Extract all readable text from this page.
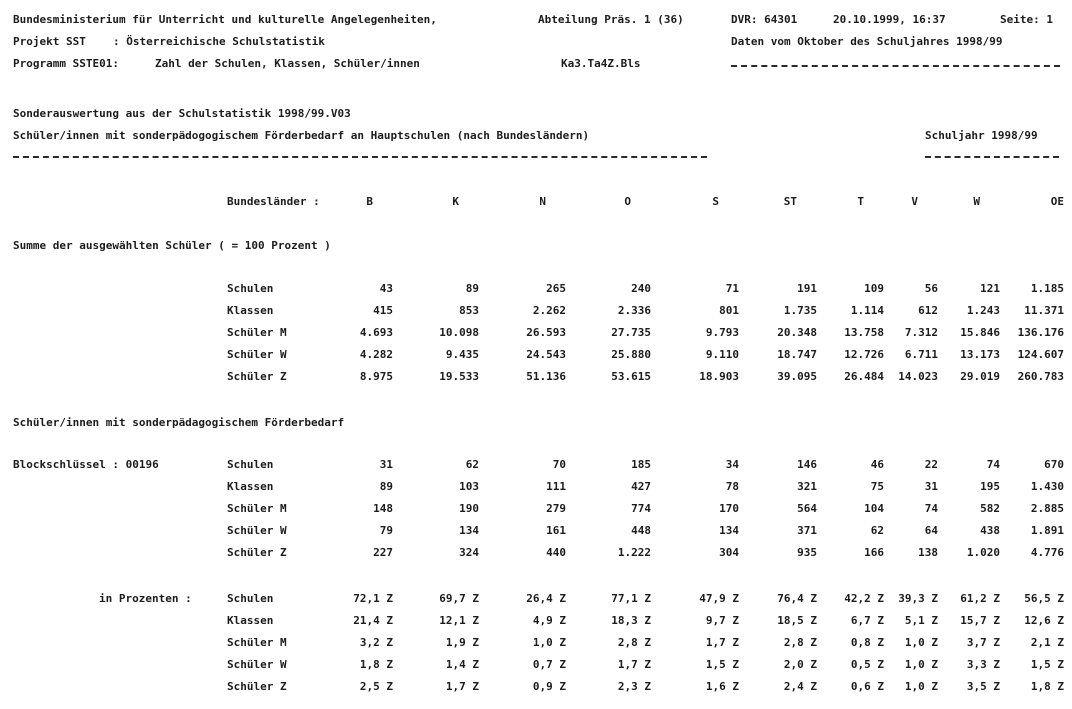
Bundesministerium für Unterricht und kulturelle Angelegenheiten,	Abteilung Präs. 1 (36)	DVR: 64301	20.10.1999, 16:37	Seite: 1
Projekt SST : Österreichische Schulstatistik	Daten vom Oktober des Schuljahres 1998/99
Programm SSTE01:	Zahl der Schulen, Klassen, Schüler/innen	Ka3.Ta4Z.Bls
Sonderauswertung aus der Schulstatistik 1998/99.V03
Schüler/innen mit sonderpädogogischem Förderbedarf an Hauptschulen (nach Bundesländern)	Schuljahr 1998/99
Bundesländer :	B	K	N	O	S	ST	T	V	W	OE
Summe der ausgewählten Schüler ( = 100 Prozent )
Schulen	43	89	265	240	71	191	109	56	121	1.185
Klassen	415	853	2.262	2.336	801	1.735	1.114	612	1.243	11.371
Schüler M	4.693	10.098	26.593	27.735	9.793	20.348	13.758	7.312	15.846	136.176
Schüler W	4.282	9.435	24.543	25.880	9.110	18.747	12.726	6.711	13.173	124.607
Schüler Z	8.975	19.533	51.136	53.615	18.903	39.095	26.484	14.023	29.019	260.783
Schüler/innen mit sonderpädagogischem Förderbedarf
Blockschlüssel : 00196	Schulen	31	62	70	185	34	146	46	22	74	670
Klassen	89	103	111	427	78	321	75	31	195	1.430
Schüler M	148	190	279	774	170	564	104	74	582	2.885
Schüler W	79	134	161	448	134	371	62	64	438	1.891
Schüler Z	227	324	440	1.222	304	935	166	138	1.020	4.776
in Prozenten :	Schulen	72,1 Z	69,7 Z	26,4 Z	77,1 Z	47,9 Z	76,4 Z	42,2 Z	39,3 Z	61,2 Z	56,5 Z
Klassen	21,4 Z	12,1 Z	4,9 Z	18,3 Z	9,7 Z	18,5 Z	6,7 Z	5,1 Z	15,7 Z	12,6 Z
Schüler M	3,2 Z	1,9 Z	1,0 Z	2,8 Z	1,7 Z	2,8 Z	0,8 Z	1,0 Z	3,7 Z	2,1 Z
Schüler W	1,8 Z	1,4 Z	0,7 Z	1,7 Z	1,5 Z	2,0 Z	0,5 Z	1,0 Z	3,3 Z	1,5 Z
Schüler Z	2,5 Z	1,7 Z	0,9 Z	2,3 Z	1,6 Z	2,4 Z	0,6 Z	1,0 Z	3,5 Z	1,8 Z
